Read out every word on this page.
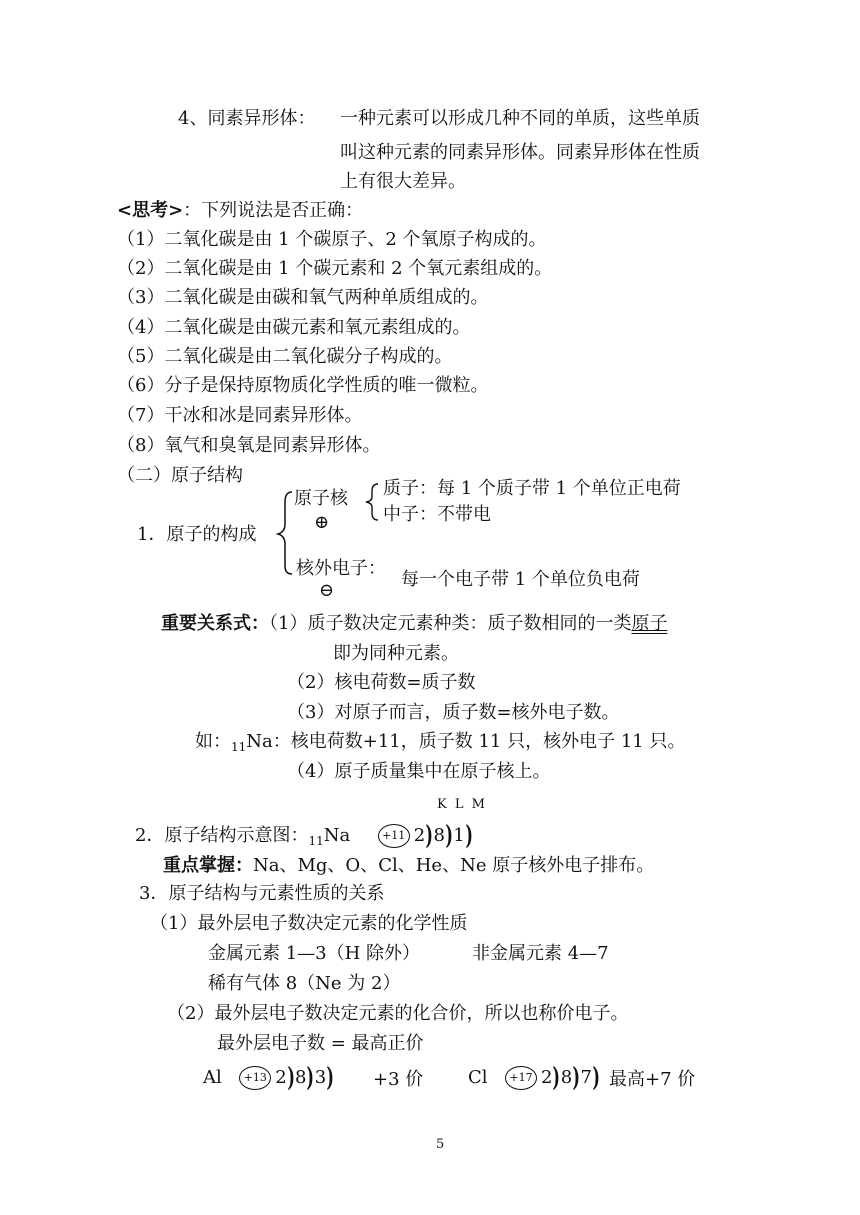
4、同素异形体： 一种元素可以形成几种不同的单质，这些单质
叫这种元素的同素异形体。同素异形体在性质
上有很大差异。
<思考>：下列说法是否正确：
（1）二氧化碳是由 1 个碳原子、2 个氧原子构成的。
（2）二氧化碳是由 1 个碳元素和 2 个氧元素组成的。
（3）二氧化碳是由碳和氧气两种单质组成的。
（4）二氧化碳是由碳元素和氧元素组成的。
（5）二氧化碳是由二氧化碳分子构成的。
（6）分子是保持原物质化学性质的唯一微粒。
（7）干冰和冰是同素异形体。
（8）氧气和臭氧是同素异形体。
（二）原子结构
1．原子的构成
原子核
⊕
质子：每 1 个质子带 1 个单位正电荷
中子：不带电
核外电子：
⊖
每一个电子带 1 个单位负电荷
重要关系式：（1）质子数决定元素种类：质子数相同的一类原子
即为同种元素。
（2）核电荷数=质子数
（3）对原子而言，质子数=核外电子数。
如：$_{11}$Na：核电荷数+11，质子数 11 只，核外电子 11 只。
（4）原子质量集中在原子核上。
K L M
2．原子结构示意图：$_{11}$Na	+11 2)8)1)
重点掌握：Na、Mg、O、Cl、He、Ne 原子核外电子排布。
3．原子结构与元素性质的关系
（1）最外层电子数决定元素的化学性质
金属元素 1—3（H 除外）	非金属元素 4—7
稀有气体 8（Ne 为 2）
（2）最外层电子数决定元素的化合价，所以也称价电子。
最外层电子数 = 最高正价
Al +13 2)8)3) +3 价 Cl +17 2)8)7) 最高+7 价
5
